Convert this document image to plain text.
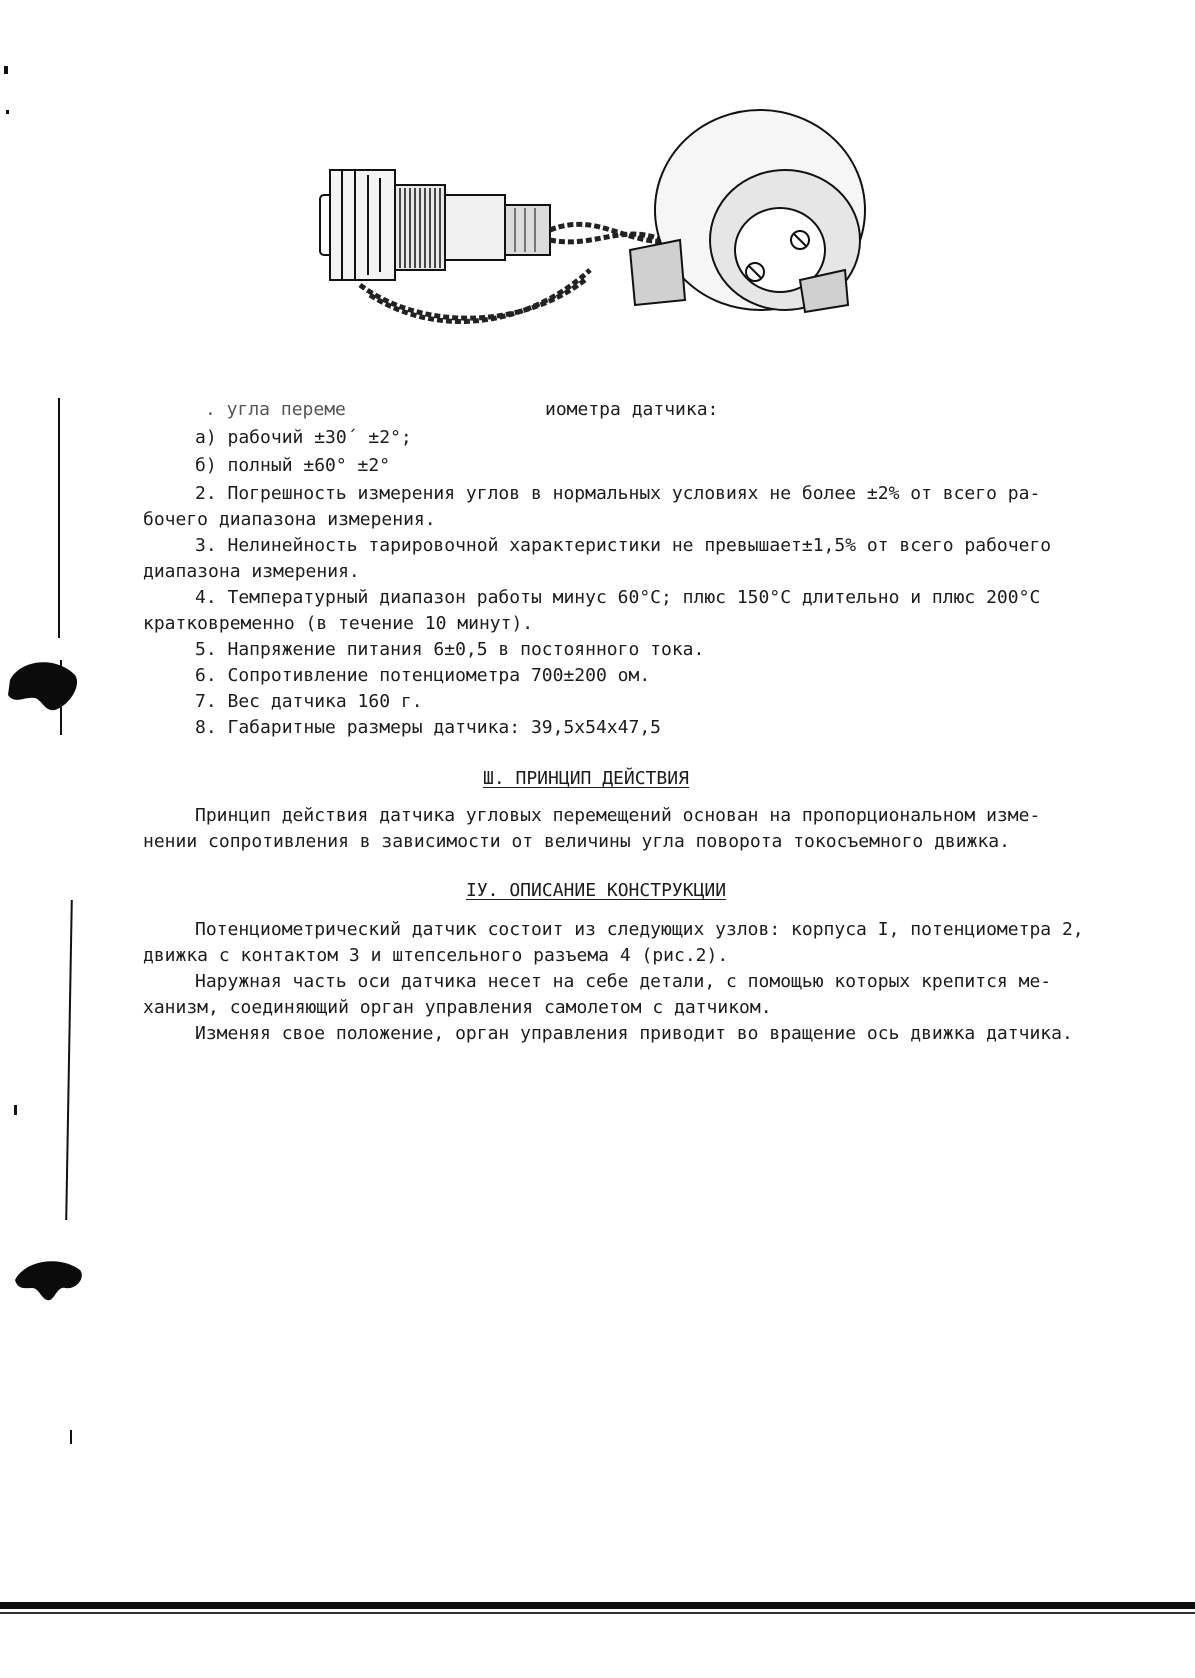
. угла переме	иометра датчика:
а) рабочий ±30´ ±2°;
б) полный ±60° ±2°
2. Погрешность измерения углов в нормальных условиях не более ±2% от всего ра-
бочего диапазона измерения.
3. Нелинейность тарировочной характеристики не превышает±1,5% от всего рабочего
диапазона измерения.
4. Температурный диапазон работы минус 60°С; плюс 150°С длительно и плюс 200°С
кратковременно (в течение 10 минут).
5. Напряжение питания 6±0,5 в постоянного тока.
6. Сопротивление потенциометра 700±200 ом.
7. Вес датчика 160 г.
8. Габаритные размеры датчика: 39,5х54х47,5
Ш. ПРИНЦИП ДЕЙСТВИЯ
Принцип действия датчика угловых перемещений основан на пропорциональном изме-
нении сопротивления в зависимости от величины угла поворота токосъемного движка.
IУ. ОПИСАНИЕ КОНСТРУКЦИИ
Потенциометрический датчик состоит из следующих узлов: корпуса I, потенциометра 2,
движка с контактом 3 и штепсельного разъема 4 (рис.2).
Наружная часть оси датчика несет на себе детали, с помощью которых крепится ме-
ханизм, соединяющий орган управления самолетом с датчиком.
Изменяя свое положение, орган управления приводит во вращение ось движка датчика.
